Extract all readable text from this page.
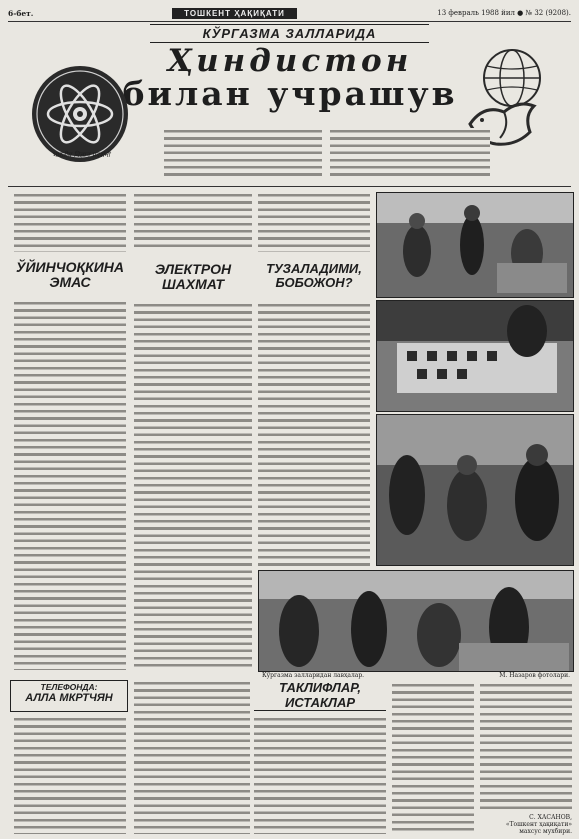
6-бет.	ТОШКЕНТ ҲАҚИҚАТИ	13 февраль 1988 йил ● № 32 (9208).
КЎРГАЗМА ЗАЛЛАРИДА
Ҳиндистон
билан учрашув
भारतीय विज्ञान प्रदर्शनी
ЎЙИНЧОҚКИНА ЭМАС
ТЕЛЕФОНДА:
АЛЛА МКРТЧЯН
ЭЛЕКТРОН ШАХМАТ
ТУЗАЛАДИМИ, БОБОЖОН?
Кўргазма залларидан лавҳалар.	М. Назаров фотолари.
ТАКЛИФЛАР, ИСТАКЛАР
С. ХАСАНОВ,
«Тошкент ҳақиқати»
махсус мухбири.
